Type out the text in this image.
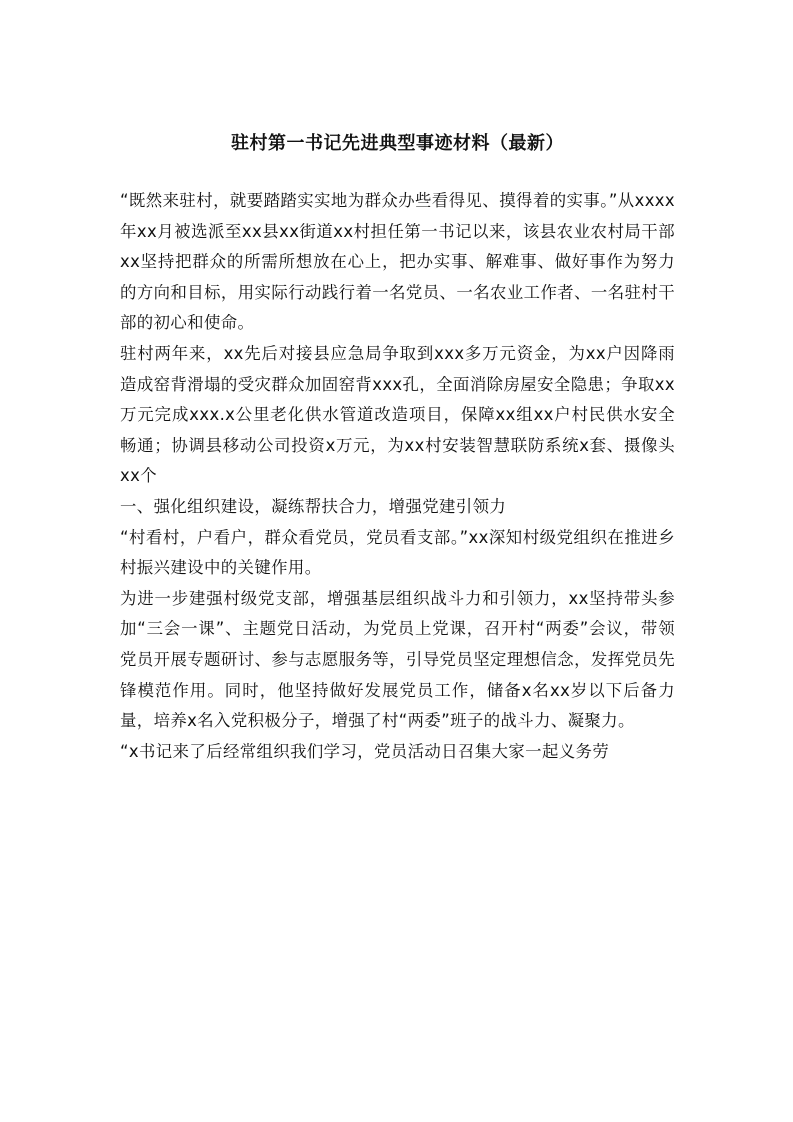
驻村第一书记先进典型事迹材料（最新）

“既然来驻村，就要踏踏实实地为群众办些看得见、摸得着的实事。”从xxxx年xx月被选派至xx县xx街道xx村担任第一书记以来，该县农业农村局干部xx坚持把群众的所需所想放在心上，把办实事、解难事、做好事作为努力的方向和目标，用实际行动践行着一名党员、一名农业工作者、一名驻村干部的初心和使命。

驻村两年来，xx先后对接县应急局争取到xxx多万元资金，为xx户因降雨造成窑背滑塌的受灾群众加固窑背xxx孔，全面消除房屋安全隐患；争取xx万元完成xxx.x公里老化供水管道改造项目，保障xx组xx户村民供水安全畅通；协调县移动公司投资x万元，为xx村安装智慧联防系统x套、摄像头xx个

一、强化组织建设，凝练帮扶合力，增强党建引领力

“村看村，户看户，群众看党员，党员看支部。”xx深知村级党组织在推进乡村振兴建设中的关键作用。

为进一步建强村级党支部，增强基层组织战斗力和引领力，xx坚持带头参加“三会一课”、主题党日活动，为党员上党课，召开村“两委”会议，带领党员开展专题研讨、参与志愿服务等，引导党员坚定理想信念，发挥党员先锋模范作用。同时，他坚持做好发展党员工作，储备x名xx岁以下后备力量，培养x名入党积极分子，增强了村“两委”班子的战斗力、凝聚力。

“x书记来了后经常组织我们学习，党员活动日召集大家一起义务劳
